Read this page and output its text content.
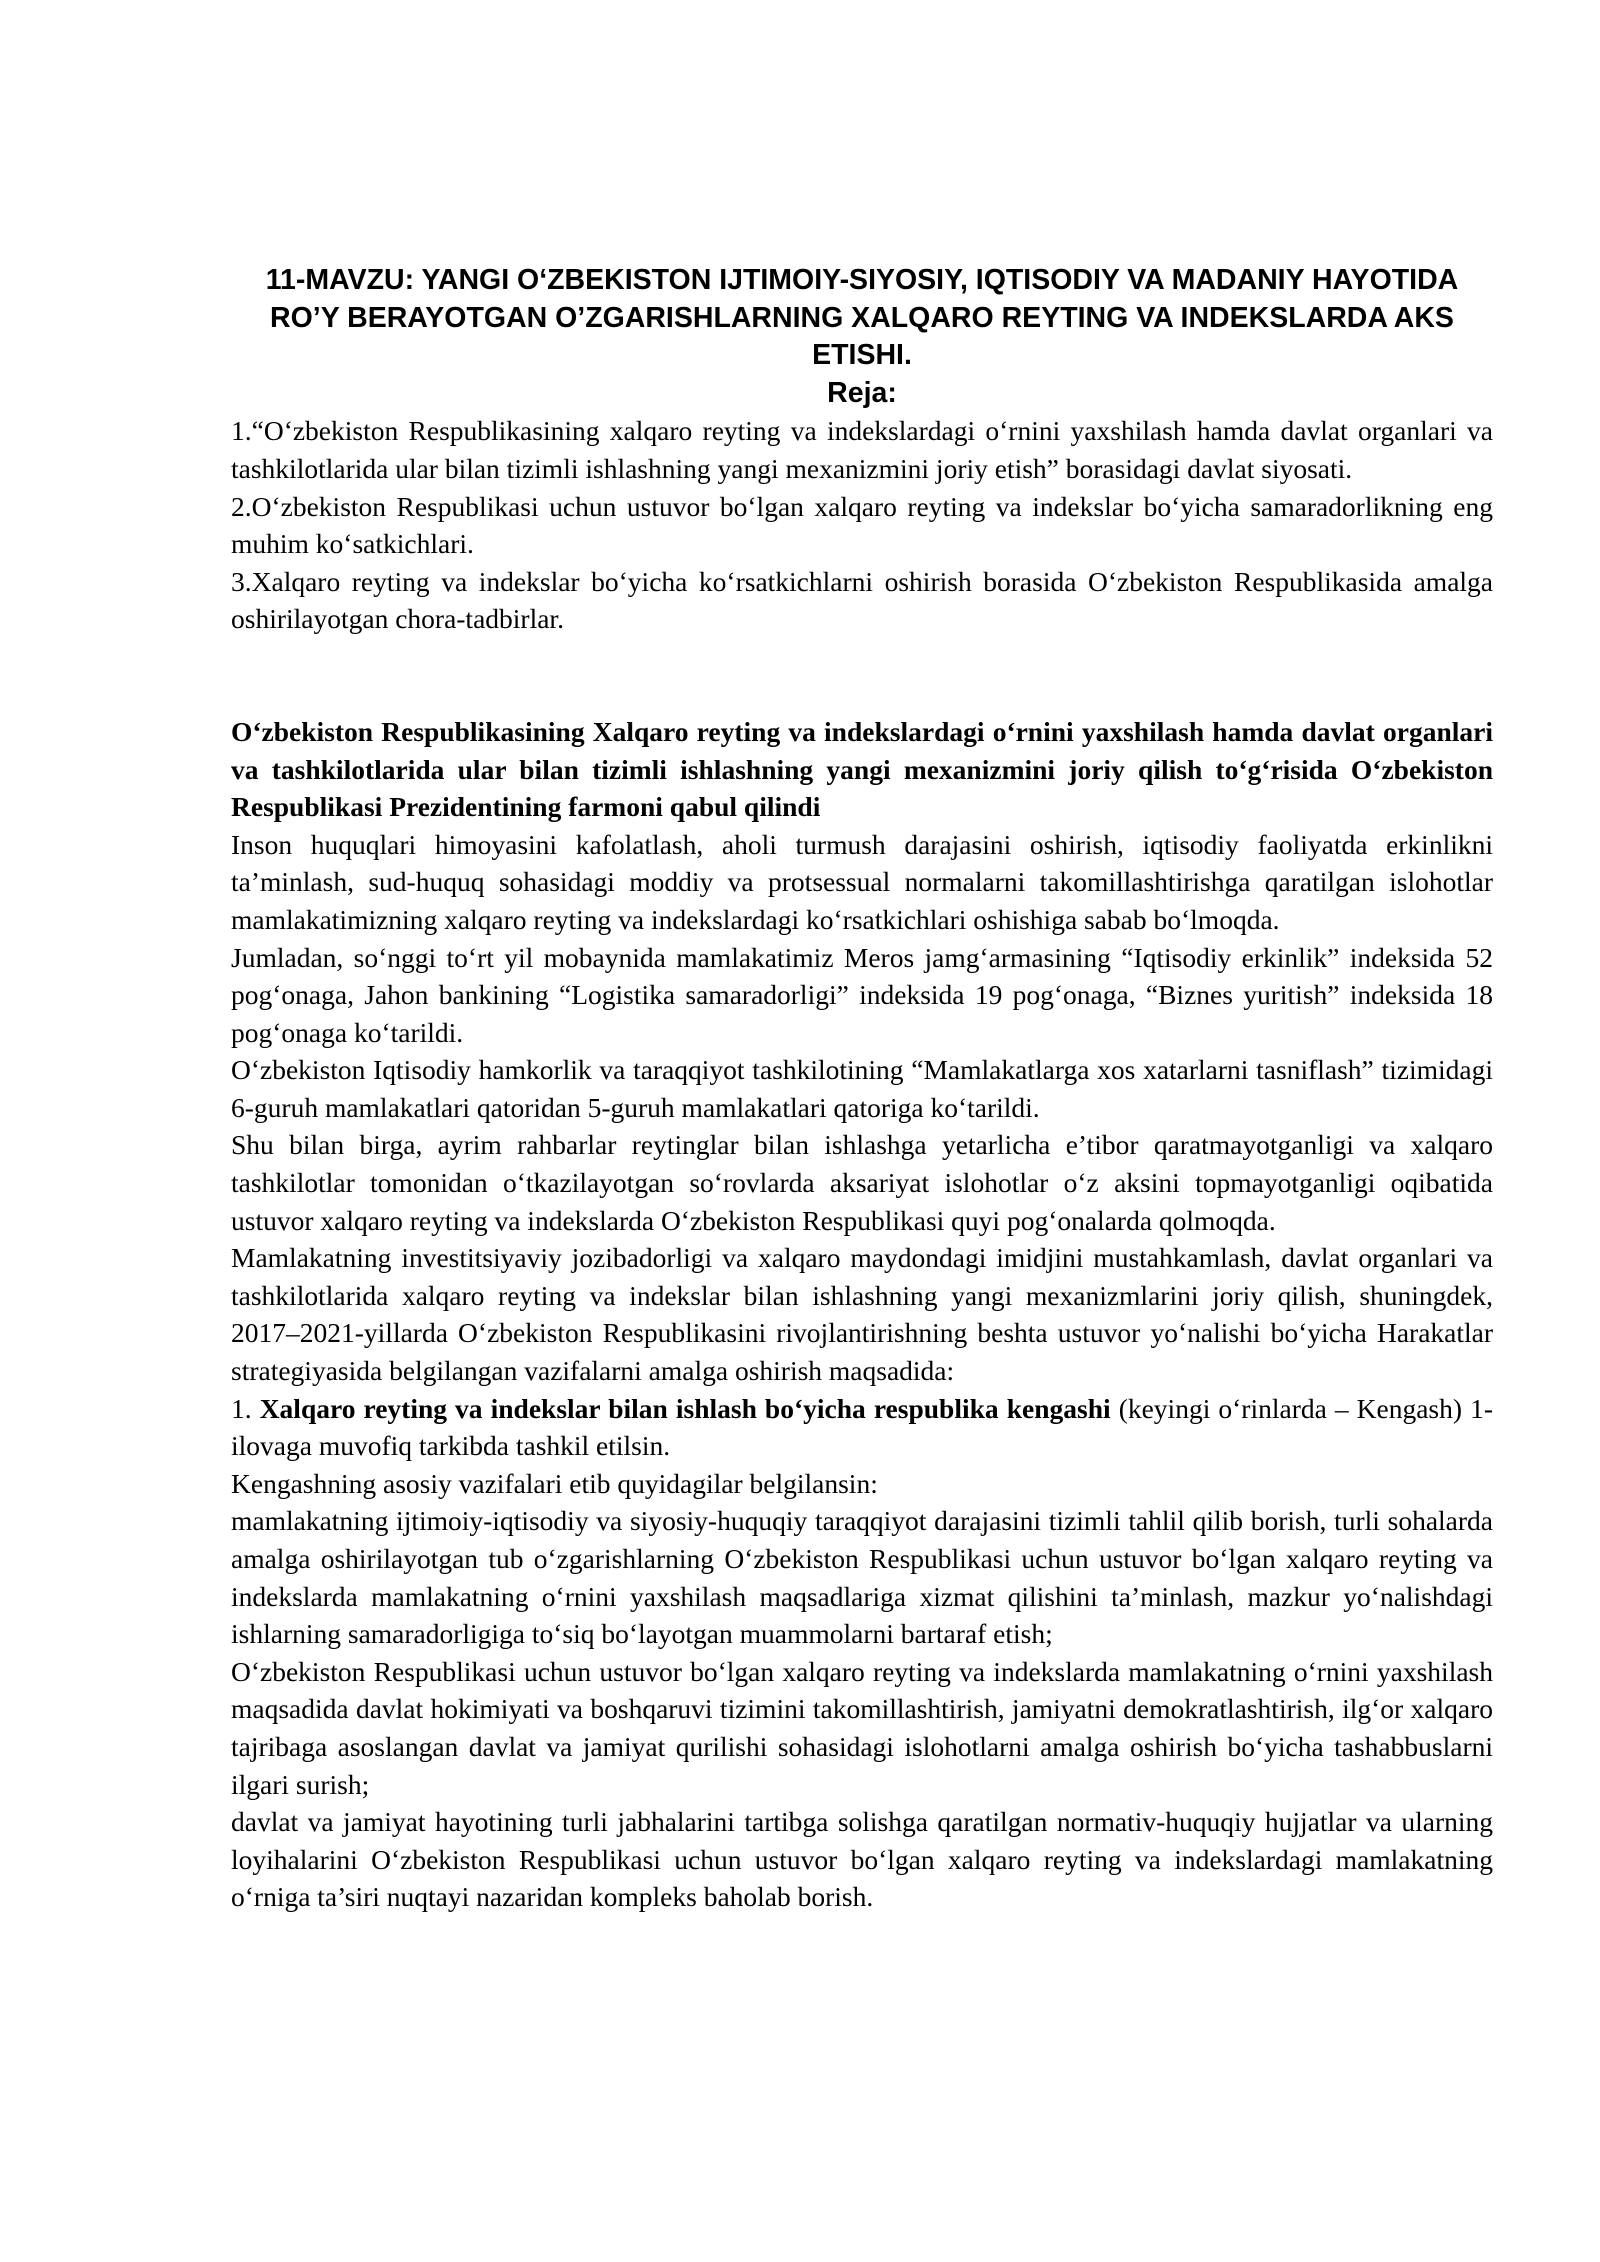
11-MAVZU: YANGI O‘ZBEKISTON IJTIMOIY-SIYOSIY, IQTISODIY VA MADANIY HAYOTIDA RO’Y BERAYOTGAN O’ZGARISHLARNING XALQARO REYTING VA INDEKSLARDA AKS ETISHI.

Reja:

1.“O‘zbekiston Respublikasining xalqaro reyting va indekslardagi o‘rnini yaxshilash hamda davlat organlari va tashkilotlarida ular bilan tizimli ishlashning yangi mexanizmini joriy etish” borasidagi davlat siyosati.

2.O‘zbekiston Respublikasi uchun ustuvor bo‘lgan xalqaro reyting va indekslar bo‘yicha samaradorlikning eng muhim ko‘satkichlari.

3.Xalqaro reyting va indekslar bo‘yicha ko‘rsatkichlarni oshirish borasida O‘zbekiston Respublikasida amalga oshirilayotgan chora-tadbirlar.

O‘zbekiston Respublikasining Xalqaro reyting va indekslardagi o‘rnini yaxshilash hamda davlat organlari va tashkilotlarida ular bilan tizimli ishlashning yangi mexanizmini joriy qilish to‘g‘risida O‘zbekiston Respublikasi Prezidentining farmoni qabul qilindi

Inson huquqlari himoyasini kafolatlash, aholi turmush darajasini oshirish, iqtisodiy faoliyatda erkinlikni ta’minlash, sud-huquq sohasidagi moddiy va protsessual normalarni takomillashtirishga qaratilgan islohotlar mamlakatimizning xalqaro reyting va indekslardagi ko‘rsatkichlari oshishiga sabab bo‘lmoqda.

Jumladan, so‘nggi to‘rt yil mobaynida mamlakatimiz Meros jamg‘armasining “Iqtisodiy erkinlik” indeksida 52 pog‘onaga, Jahon bankining “Logistika samaradorligi” indeksida 19 pog‘onaga, “Biznes yuritish” indeksida 18 pog‘onaga ko‘tarildi.

O‘zbekiston Iqtisodiy hamkorlik va taraqqiyot tashkilotining “Mamlakatlarga xos xatarlarni tasniflash” tizimidagi 6-guruh mamlakatlari qatoridan 5-guruh mamlakatlari qatoriga ko‘tarildi.

Shu bilan birga, ayrim rahbarlar reytinglar bilan ishlashga yetarlicha e’tibor qaratmayotganligi va xalqaro tashkilotlar tomonidan o‘tkazilayotgan so‘rovlarda aksariyat islohotlar o‘z aksini topmayotganligi oqibatida ustuvor xalqaro reyting va indekslarda O‘zbekiston Respublikasi quyi pog‘onalarda qolmoqda.

Mamlakatning investitsiyaviy jozibadorligi va xalqaro maydondagi imidjini mustahkamlash, davlat organlari va tashkilotlarida xalqaro reyting va indekslar bilan ishlashning yangi mexanizmlarini joriy qilish, shuningdek, 2017–2021-yillarda O‘zbekiston Respublikasini rivojlantirishning beshta ustuvor yo‘nalishi bo‘yicha Harakatlar strategiyasida belgilangan vazifalarni amalga oshirish maqsadida:

1. Xalqaro reyting va indekslar bilan ishlash bo‘yicha respublika kengashi (keyingi o‘rinlarda – Kengash) 1-ilovaga muvofiq tarkibda tashkil etilsin.

Kengashning asosiy vazifalari etib quyidagilar belgilansin:

mamlakatning ijtimoiy-iqtisodiy va siyosiy-huquqiy taraqqiyot darajasini tizimli tahlil qilib borish, turli sohalarda amalga oshirilayotgan tub o‘zgarishlarning O‘zbekiston Respublikasi uchun ustuvor bo‘lgan xalqaro reyting va indekslarda mamlakatning o‘rnini yaxshilash maqsadlariga xizmat qilishini ta’minlash, mazkur yo‘nalishdagi ishlarning samaradorligiga to‘siq bo‘layotgan muammolarni bartaraf etish;

O‘zbekiston Respublikasi uchun ustuvor bo‘lgan xalqaro reyting va indekslarda mamlakatning o‘rnini yaxshilash maqsadida davlat hokimiyati va boshqaruvi tizimini takomillashtirish, jamiyatni demokratlashtirish, ilg‘or xalqaro tajribaga asoslangan davlat va jamiyat qurilishi sohasidagi islohotlarni amalga oshirish bo‘yicha tashabbuslarni ilgari surish;

davlat va jamiyat hayotining turli jabhalarini tartibga solishga qaratilgan normativ-huquqiy hujjatlar va ularning loyihalarini O‘zbekiston Respublikasi uchun ustuvor bo‘lgan xalqaro reyting va indekslardagi mamlakatning o‘rniga ta’siri nuqtayi nazaridan kompleks baholab borish.
